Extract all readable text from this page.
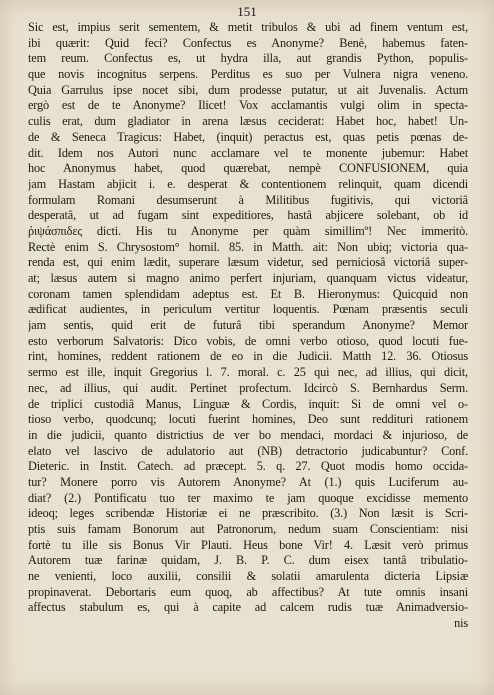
151
Sic est, impius serit sementem, & metit tribulos & ubi ad finem ventum est,
ibi quærit: Quid feci? Confectus es Anonyme? Benè, habemus faten-
tem reum. Confectus es, ut hydra illa, aut grandis Python, populis-
que novis incognitus serpens. Perditus es suo per Vulnera nigra veneno.
Quia Garrulus ipse nocet sibi, dum prodesse putatur, ut ait Juvenalis. Actum
ergò est de te Anonyme? Ilicet! Vox acclamantis vulgi olim in specta-
culis erat, dum gladiator in arena læsus ceciderat: Habet hoc, habet! Un-
de & Seneca Tragicus: Habet, (inquit) peractus est, quas petis pœnas de-
dit. Idem nos Autori nunc acclamare vel te monente jubemur: Habet
hoc Anonymus habet, quod quærebat, nempè CONFUSIONEM, quia
jam Hastam abjicit i. e. desperat & contentionem relinquit, quam dicendi
formulam Romani desumserunt à Militibus fugitivis, qui victoriâ
desperatâ, ut ad fugam sint expeditiores, hastâ abjicere solebant, ob id
ῥιψάσπιδες dicti. His tu Anonyme per quàm simillimº! Nec immeritò.
Rectè enim S. Chrysostom° homil. 85. in Matth. ait: Non ubiq; victoria qua-
renda est, qui enim lædit, superare læsum videtur, sed perniciosâ victoriâ super-
at; læsus autem si magno animo perfert injuriam, quanquam victus videatur,
coronam tamen splendidam adeptus est. Et B. Hieronymus: Quicquid non
ædificat audientes, in periculum vertitur loquentis. Pœnam præsentis seculi
jam sentis, quid erit de futurâ tibi sperandum Anonyme? Memor
esto verborum Salvatoris: Dico vobis, de omni verbo otioso, quod locuti fue-
rint, homines, reddent rationem de eo in die Judicii. Matth 12. 36. Otiosus
sermo est ille, inquit Gregorius l. 7. moral. c. 25 qui nec, ad illius, qui dicit,
nec, ad illius, qui audit. Pertinet profectum. Idcircò S. Bernhardus Serm.
de triplici custodiâ Manus, Linguæ & Cordis, inquit: Si de omni vel o-
tioso verbo, quodcunq; locuti fuerint homines, Deo sunt reddituri rationem
in die judicii, quanto districtius de ver bo mendaci, mordaci & injurioso, de
elato vel lascivo de adulatorio aut (NB) detractorio judicabuntur? Conf.
Dieteric. in Instit. Catech. ad præcept. 5. q. 27. Quot modis homo occida-
tur? Monere porro vis Autorem Anonyme? At (1.) quis Luciferum au-
diat? (2.) Pontificatu tuo ter maximo te jam quoque excidisse memento
ideoq; leges scribendæ Historiæ ei ne præscribito. (3.) Non læsit is Scri-
ptis suis famam Bonorum aut Patronorum, nedum suam Conscientiam: nisi
fortè tu ille sis Bonus Vir Plauti. Heus bone Vir! 4. Læsit verò primus
Autorem tuæ farinæ quidam, J. B. P. C. dum eisex tantâ tribulatio-
ne venienti, loco auxilii, consilii & solatii amarulenta dicteria Lipsiæ
propinaverat. Debortaris eum quoq, ab affectibus? At tute omnis insani
affectus stabulum es, qui à capite ad calcem rudis tuæ Animadversio-
nis
